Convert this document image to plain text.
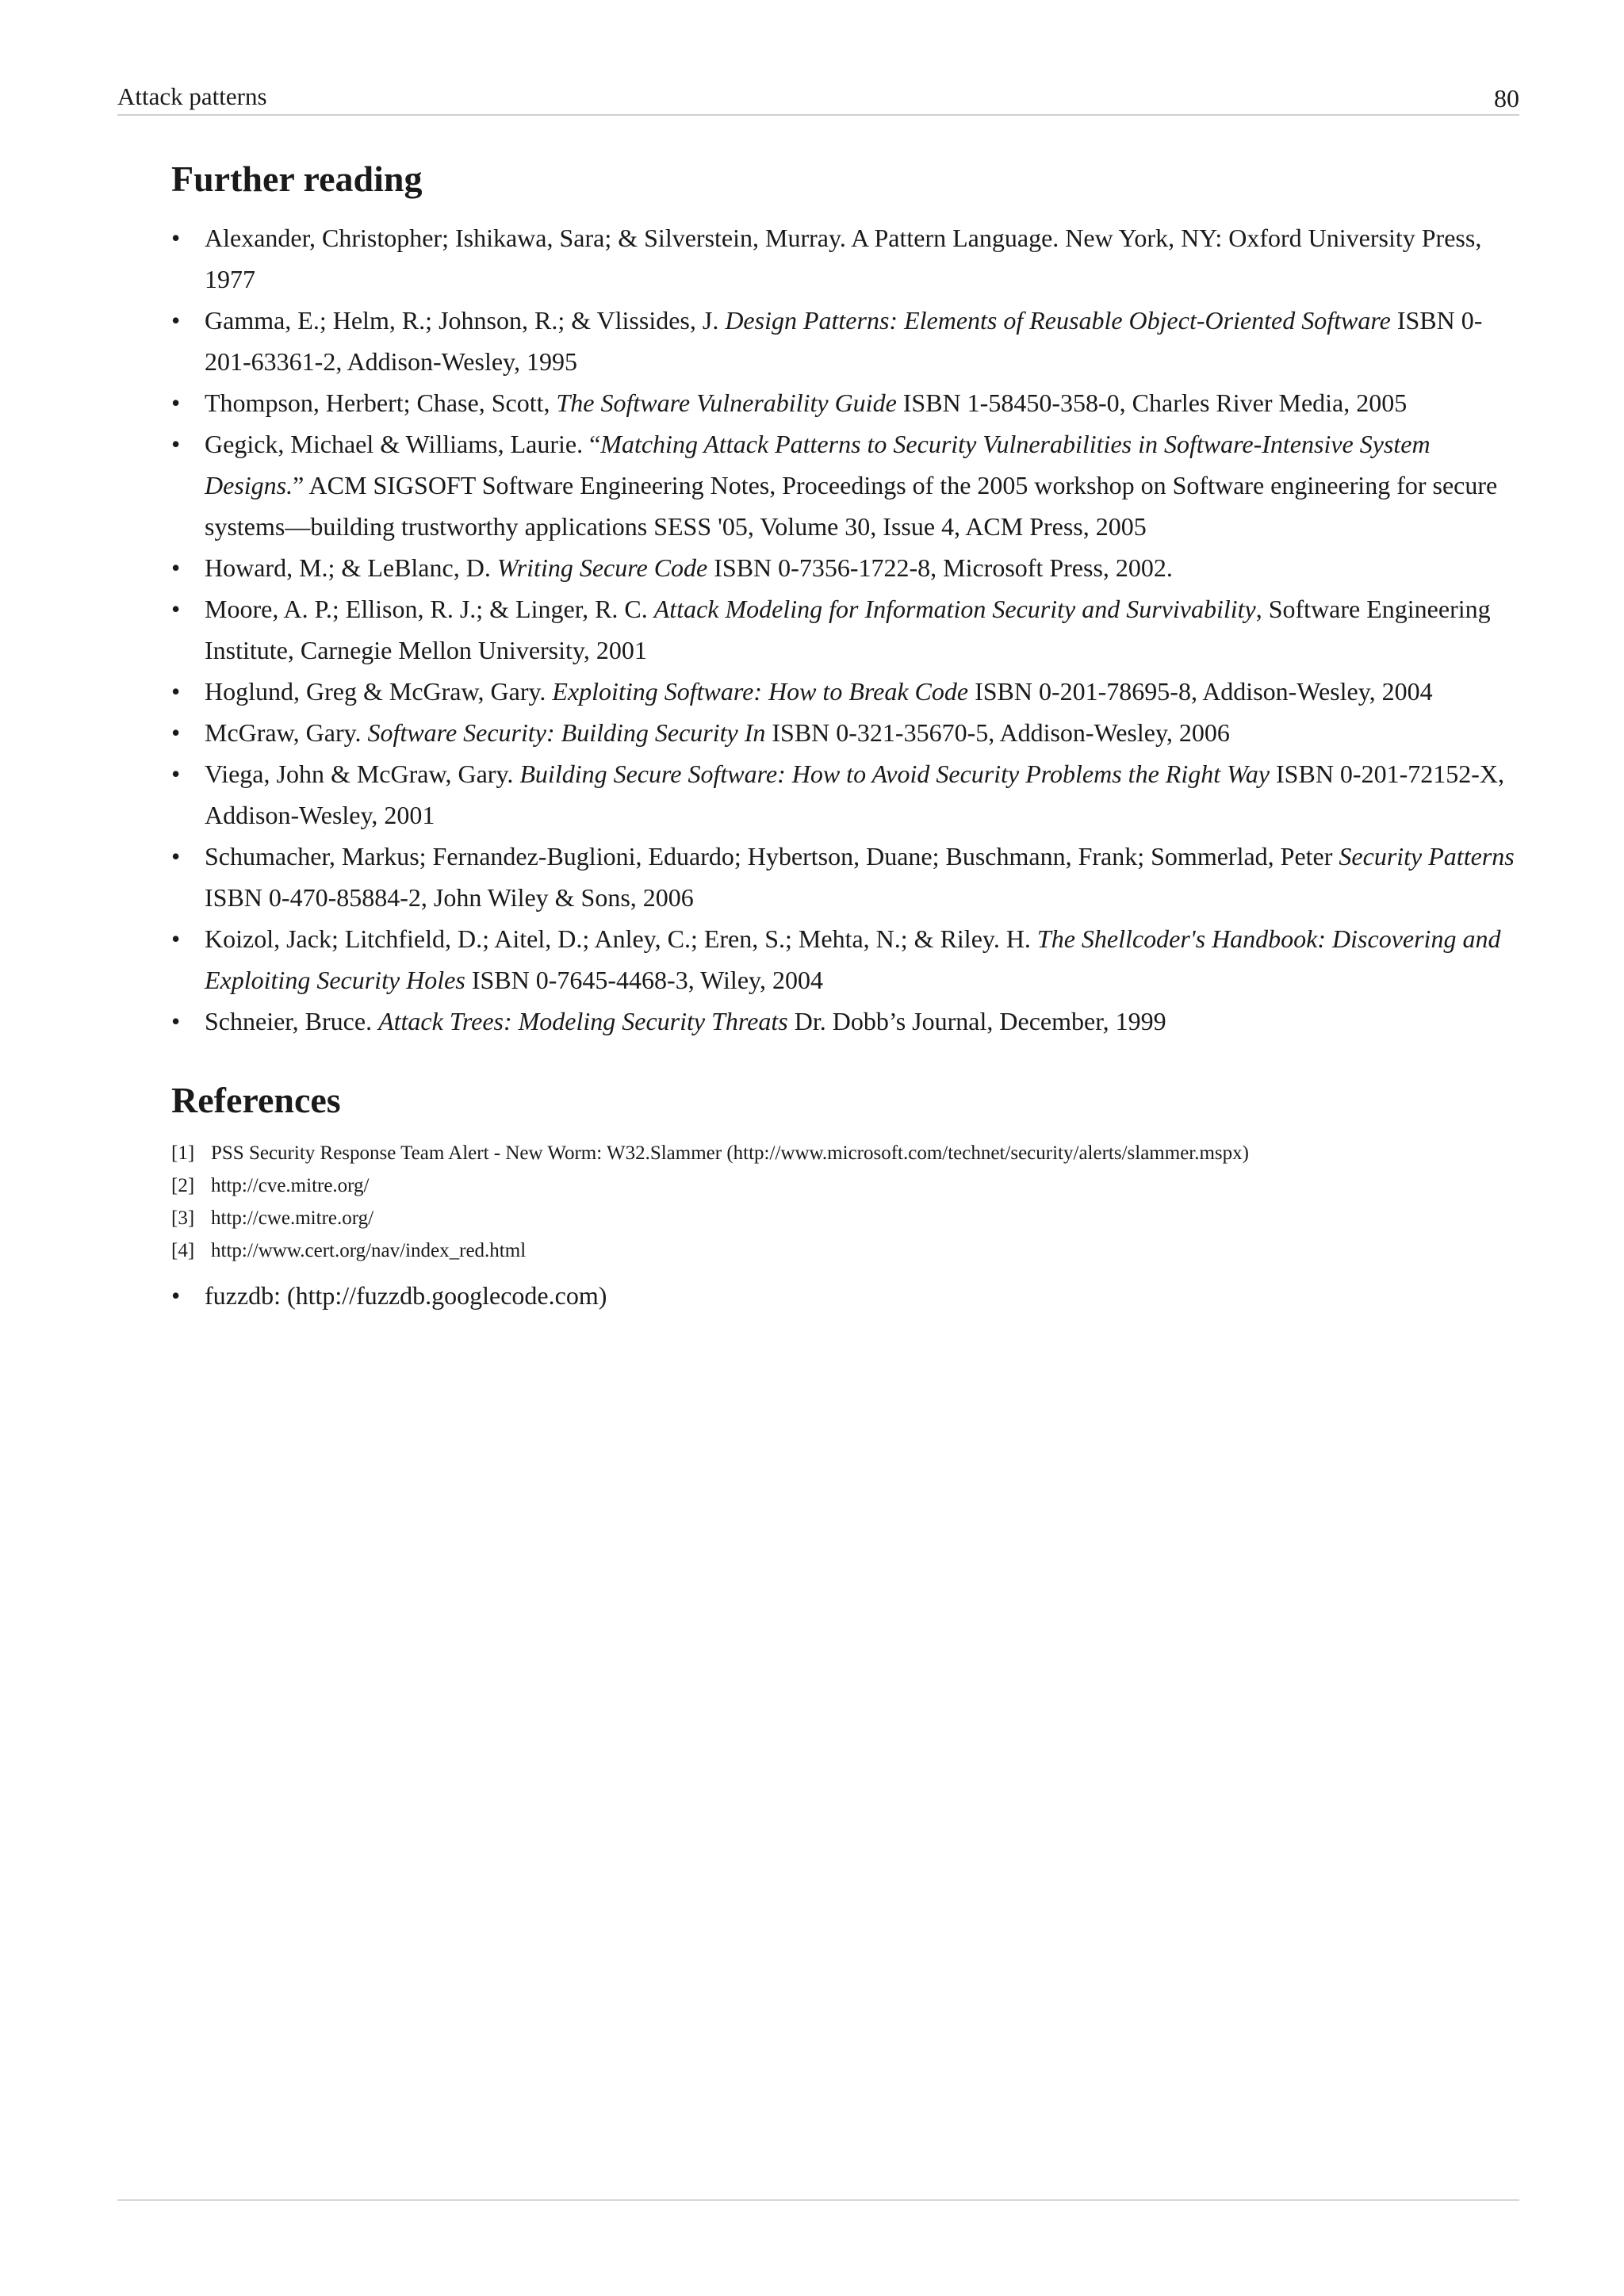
Attack patterns	80
Further reading
• Alexander, Christopher; Ishikawa, Sara; & Silverstein, Murray. A Pattern Language. New York, NY: Oxford University Press, 1977
• Gamma, E.; Helm, R.; Johnson, R.; & Vlissides, J. Design Patterns: Elements of Reusable Object-Oriented Software ISBN 0-201-63361-2, Addison-Wesley, 1995
• Thompson, Herbert; Chase, Scott, The Software Vulnerability Guide ISBN 1-58450-358-0, Charles River Media, 2005
• Gegick, Michael & Williams, Laurie. “Matching Attack Patterns to Security Vulnerabilities in Software-Intensive System Designs.” ACM SIGSOFT Software Engineering Notes, Proceedings of the 2005 workshop on Software engineering for secure systems—building trustworthy applications SESS '05, Volume 30, Issue 4, ACM Press, 2005
• Howard, M.; & LeBlanc, D. Writing Secure Code ISBN 0-7356-1722-8, Microsoft Press, 2002.
• Moore, A. P.; Ellison, R. J.; & Linger, R. C. Attack Modeling for Information Security and Survivability, Software Engineering Institute, Carnegie Mellon University, 2001
• Hoglund, Greg & McGraw, Gary. Exploiting Software: How to Break Code ISBN 0-201-78695-8, Addison-Wesley, 2004
• McGraw, Gary. Software Security: Building Security In ISBN 0-321-35670-5, Addison-Wesley, 2006
• Viega, John & McGraw, Gary. Building Secure Software: How to Avoid Security Problems the Right Way ISBN 0-201-72152-X, Addison-Wesley, 2001
• Schumacher, Markus; Fernandez-Buglioni, Eduardo; Hybertson, Duane; Buschmann, Frank; Sommerlad, Peter Security Patterns ISBN 0-470-85884-2, John Wiley & Sons, 2006
• Koizol, Jack; Litchfield, D.; Aitel, D.; Anley, C.; Eren, S.; Mehta, N.; & Riley. H. The Shellcoder's Handbook: Discovering and Exploiting Security Holes ISBN 0-7645-4468-3, Wiley, 2004
• Schneier, Bruce. Attack Trees: Modeling Security Threats Dr. Dobb’s Journal, December, 1999
References
[1] PSS Security Response Team Alert - New Worm: W32.Slammer (http://www.microsoft.com/technet/security/alerts/slammer.mspx)
[2] http://cve.mitre.org/
[3] http://cwe.mitre.org/
[4] http://www.cert.org/nav/index_red.html
• fuzzdb: (http://fuzzdb.googlecode.com)
